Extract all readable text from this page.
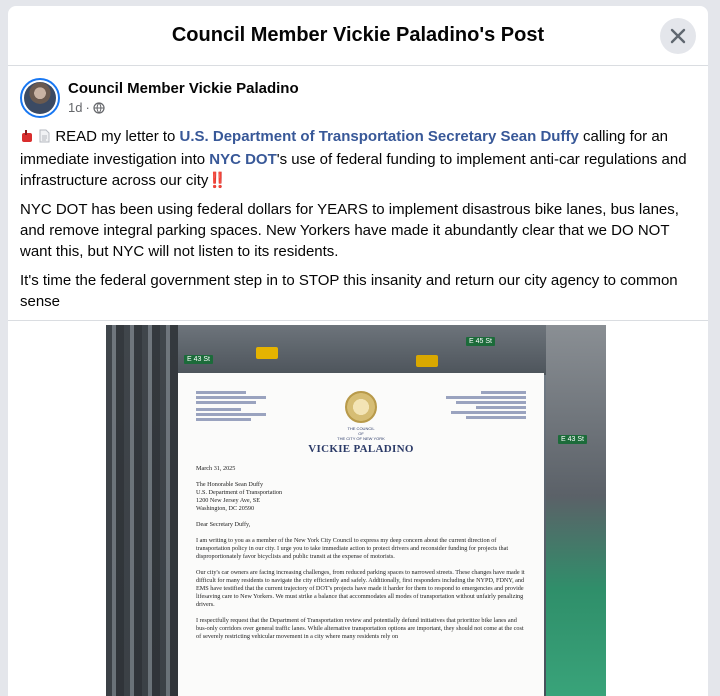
Council Member Vickie Paladino's Post
Council Member Vickie Paladino
1d ·

READ my letter to U.S. Department of Transportation Secretary Sean Duffy calling for an immediate investigation into NYC DOT's use of federal funding to implement anti-car regulations and infrastructure across our city‼️

NYC DOT has been using federal dollars for YEARS to implement disastrous bike lanes, bus lanes, and remove integral parking spaces. New Yorkers have made it abundantly clear that we DO NOT want this, but NYC will not listen to its residents.

It's time the federal government step in to STOP this insanity and return our city agency to common sense

E 43 St
E 45 St
E 43 St
THE COUNCIL
OF
THE CITY OF NEW YORK
VICKIE PALADINO
March 31, 2025
The Honorable Sean Duffy
U.S. Department of Transportation
1200 New Jersey Ave, SE
Washington, DC 20590
Dear Secretary Duffy,
I am writing to you as a member of the New York City Council to express my deep concern about the current direction of transportation policy in our city. I urge you to take immediate action to protect drivers and reconsider funding for projects that disproportionately favor bicyclists and public transit at the expense of motorists.
Our city's car owners are facing increasing challenges, from reduced parking spaces to narrowed streets. These changes have made it difficult for many residents to navigate the city efficiently and safely. Additionally, first responders including the NYPD, FDNY, and EMS have testified that the current trajectory of DOT's projects have made it harder for them to respond to emergencies and provide lifesaving care to New Yorkers. We must strike a balance that accommodates all modes of transportation without unfairly penalizing drivers.
I respectfully request that the Department of Transportation review and potentially defund initiatives that prioritize bike lanes and bus-only corridors over general traffic lanes. While alternative transportation options are important, they should not come at the cost of severely restricting vehicular movement in a city where many residents rely on
